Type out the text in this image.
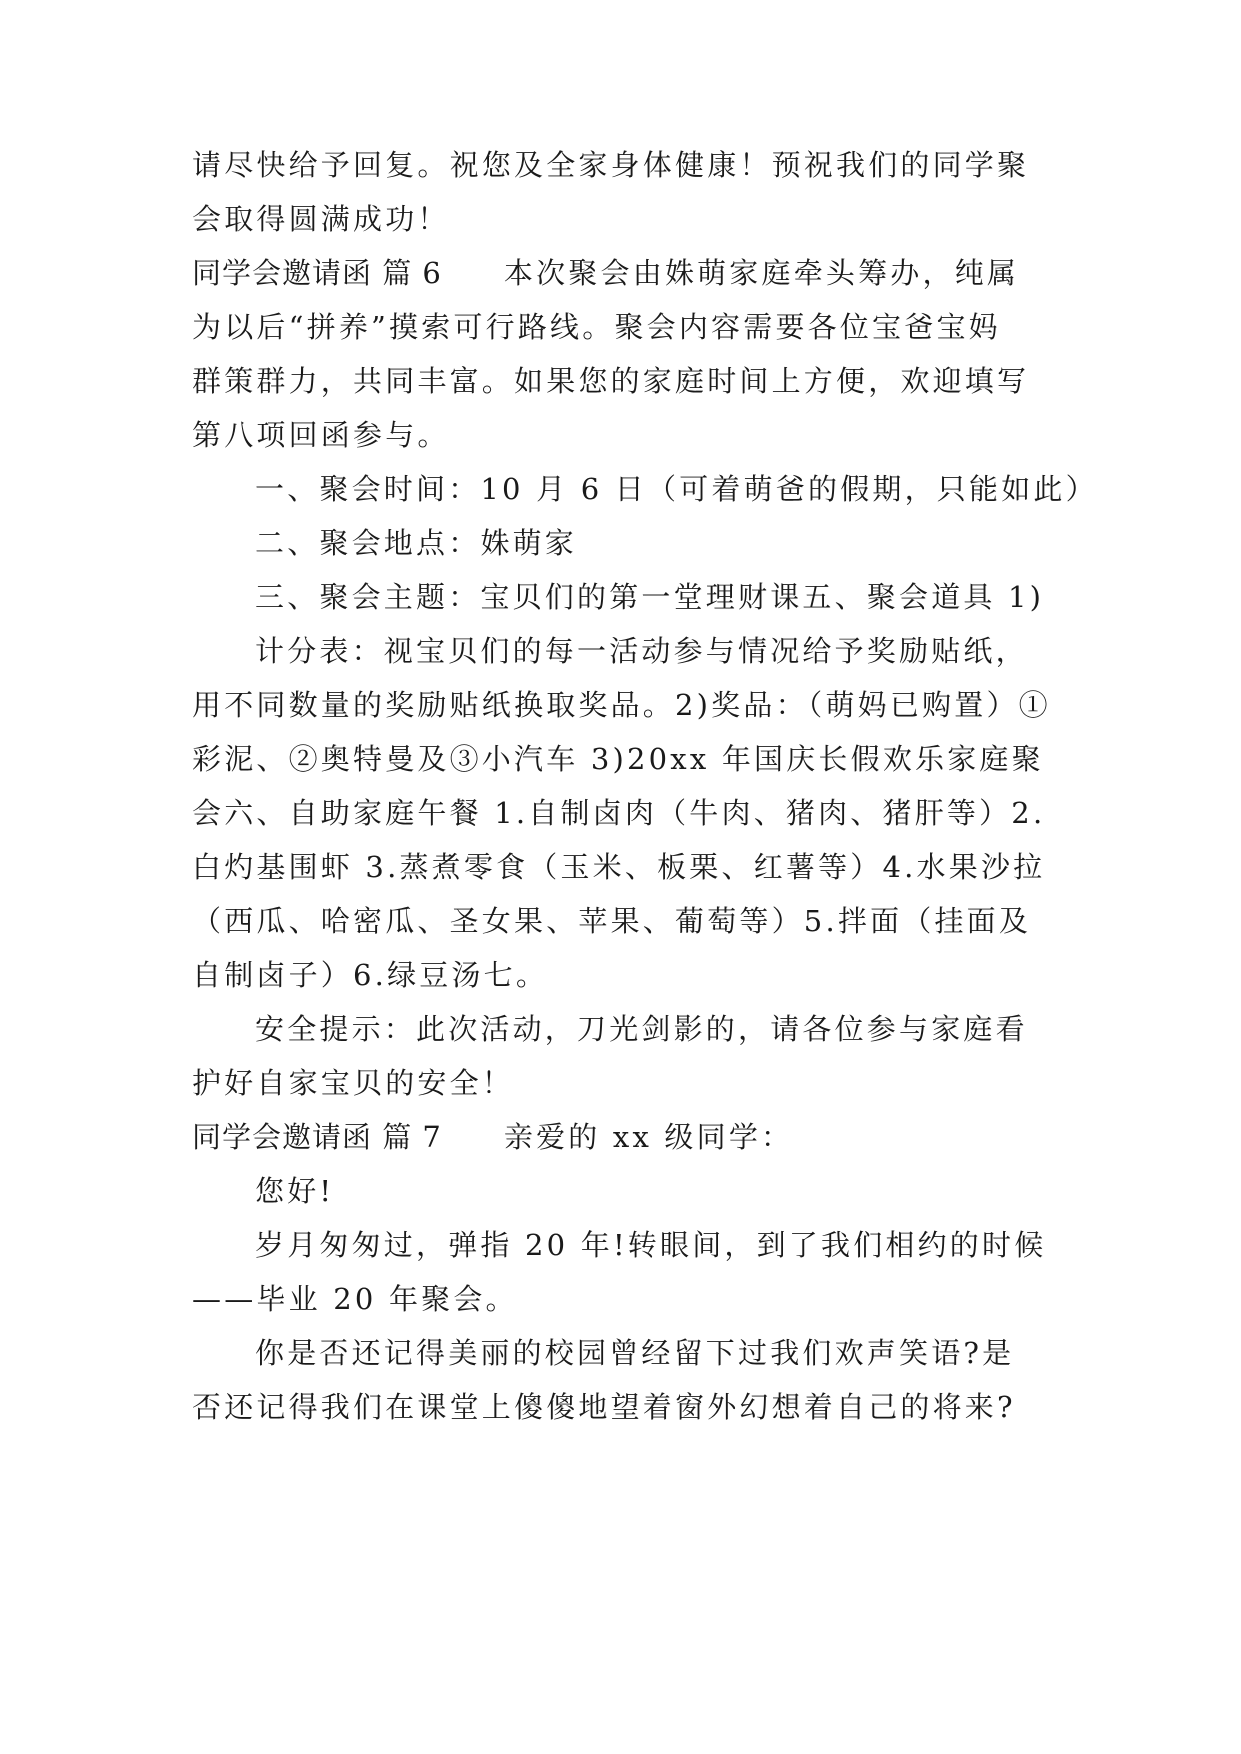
请尽快给予回复。祝您及全家身体健康！预祝我们的同学聚
会取得圆满成功！
同学会邀请函 篇 6 本次聚会由姝萌家庭牵头筹办，纯属
为以后“拼养”摸索可行路线。聚会内容需要各位宝爸宝妈
群策群力，共同丰富。如果您的家庭时间上方便，欢迎填写
第八项回函参与。
一、聚会时间：10 月 6 日（可着萌爸的假期，只能如此）
二、聚会地点：姝萌家
三、聚会主题：宝贝们的第一堂理财课五、聚会道具 1)
计分表：视宝贝们的每一活动参与情况给予奖励贴纸，
用不同数量的奖励贴纸换取奖品。2)奖品：（萌妈已购置）①
彩泥、②奥特曼及③小汽车 3)20xx 年国庆长假欢乐家庭聚
会六、自助家庭午餐 1.自制卤肉（牛肉、猪肉、猪肝等）2.
白灼基围虾 3.蒸煮零食（玉米、板栗、红薯等）4.水果沙拉
（西瓜、哈密瓜、圣女果、苹果、葡萄等）5.拌面（挂面及
自制卤子）6.绿豆汤七。
安全提示：此次活动，刀光剑影的，请各位参与家庭看
护好自家宝贝的安全！
同学会邀请函 篇 7 亲爱的 xx 级同学：
您好!
岁月匆匆过，弹指 20 年!转眼间，到了我们相约的时候
——毕业 20 年聚会。
你是否还记得美丽的校园曾经留下过我们欢声笑语?是
否还记得我们在课堂上傻傻地望着窗外幻想着自己的将来?
